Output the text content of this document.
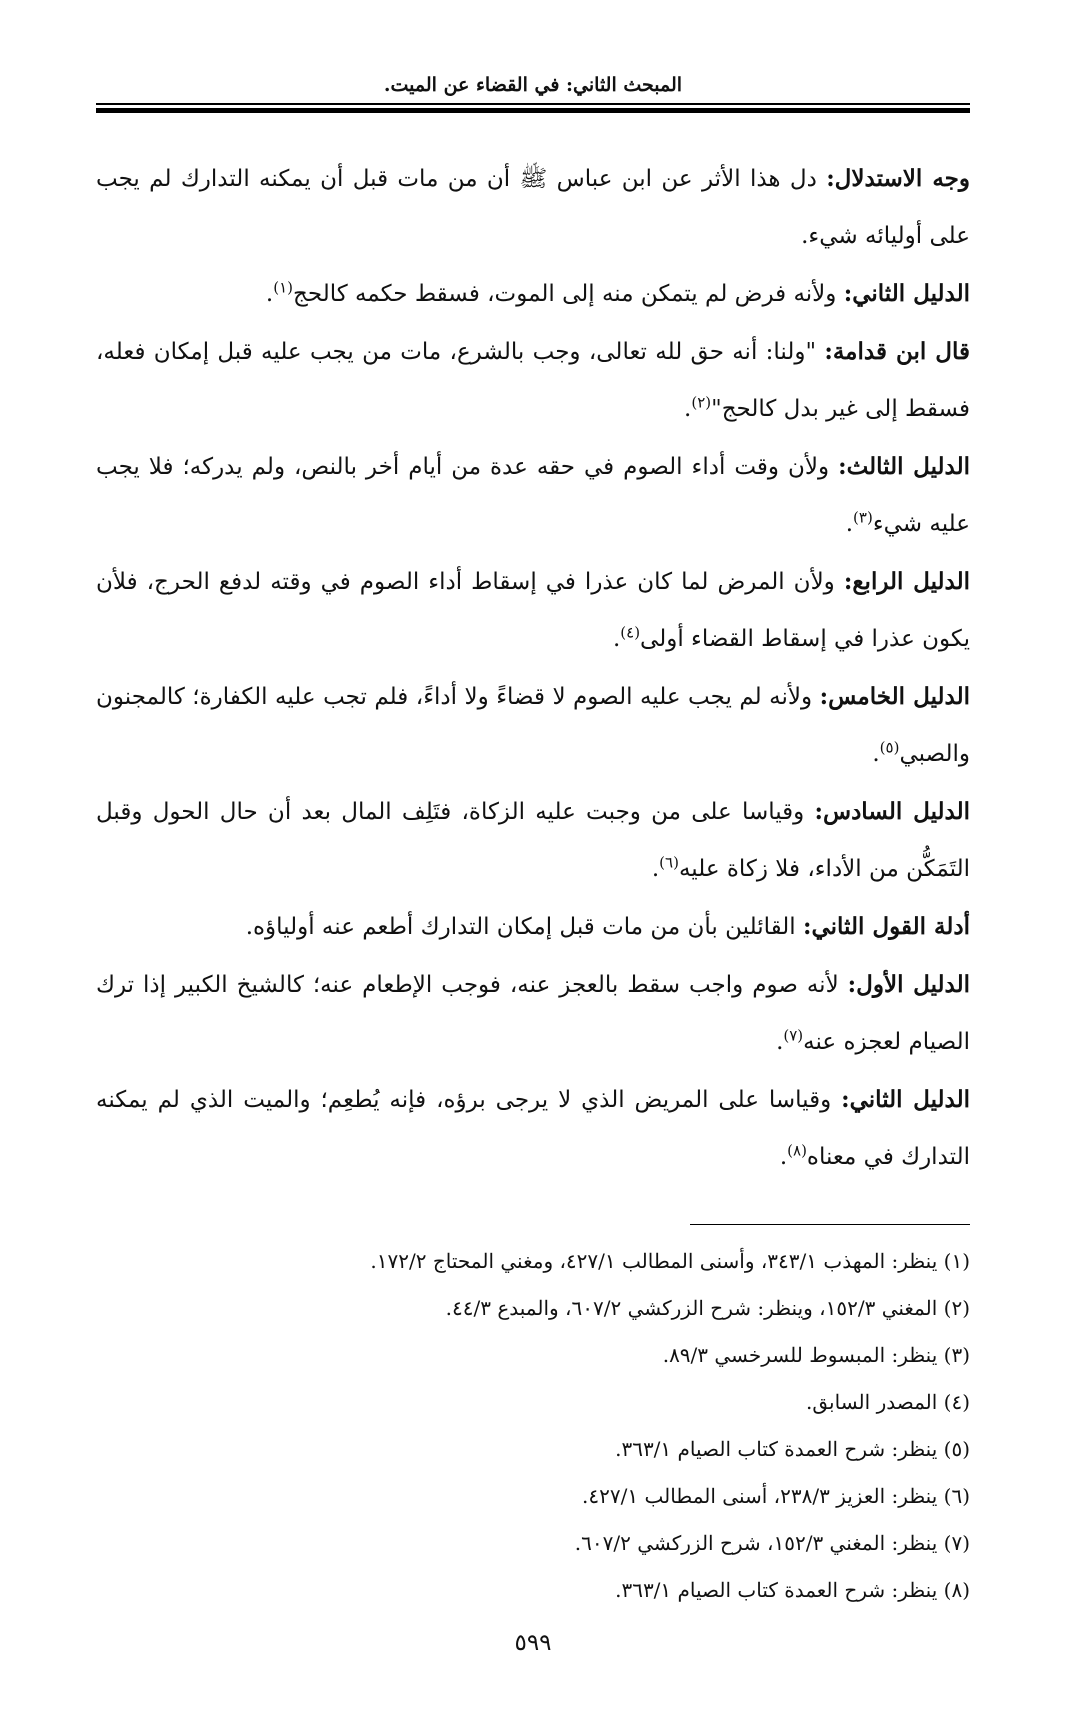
المبحث الثاني: في القضاء عن الميت.

وجه الاستدلال: دل هذا الأثر عن ابن عباس ﷺ أن من مات قبل أن يمكنه التدارك لم يجب على أوليائه شيء.

الدليل الثاني: ولأنه فرض لم يتمكن منه إلى الموت، فسقط حكمه كالحج$^{(١)}$.

قال ابن قدامة: "ولنا: أنه حق لله تعالى، وجب بالشرع، مات من يجب عليه قبل إمكان فعله، فسقط إلى غير بدل كالحج"$^{(٢)}$.

الدليل الثالث: ولأن وقت أداء الصوم في حقه عدة من أيام أخر بالنص، ولم يدركه؛ فلا يجب عليه شيء$^{(٣)}$.

الدليل الرابع: ولأن المرض لما كان عذرا في إسقاط أداء الصوم في وقته لدفع الحرج، فلأن يكون عذرا في إسقاط القضاء أولى$^{(٤)}$.

الدليل الخامس: ولأنه لم يجب عليه الصوم لا قضاءً ولا أداءً، فلم تجب عليه الكفارة؛ كالمجنون والصبي$^{(٥)}$.

الدليل السادس: وقياسا على من وجبت عليه الزكاة، فتَلِف المال بعد أن حال الحول وقبل التَمَكُّن من الأداء، فلا زكاة عليه$^{(٦)}$.

أدلة القول الثاني: القائلين بأن من مات قبل إمكان التدارك أطعم عنه أولياؤه.

الدليل الأول: لأنه صوم واجب سقط بالعجز عنه، فوجب الإطعام عنه؛ كالشيخ الكبير إذا ترك الصيام لعجزه عنه$^{(٧)}$.

الدليل الثاني: وقياسا على المريض الذي لا يرجى برؤه، فإنه يُطعِم؛ والميت الذي لم يمكنه التدارك في معناه$^{(٨)}$.

(١) ينظر: المهذب ٣٤٣/١، وأسنى المطالب ٤٢٧/١، ومغني المحتاج ١٧٢/٢.
(٢) المغني ١٥٢/٣، وينظر: شرح الزركشي ٦٠٧/٢، والمبدع ٤٤/٣.
(٣) ينظر: المبسوط للسرخسي ٨٩/٣.
(٤) المصدر السابق.
(٥) ينظر: شرح العمدة كتاب الصيام ٣٦٣/١.
(٦) ينظر: العزيز ٢٣٨/٣، أسنى المطالب ٤٢٧/١.
(٧) ينظر: المغني ١٥٢/٣، شرح الزركشي ٦٠٧/٢.
(٨) ينظر: شرح العمدة كتاب الصيام ٣٦٣/١.
٥٩٩
